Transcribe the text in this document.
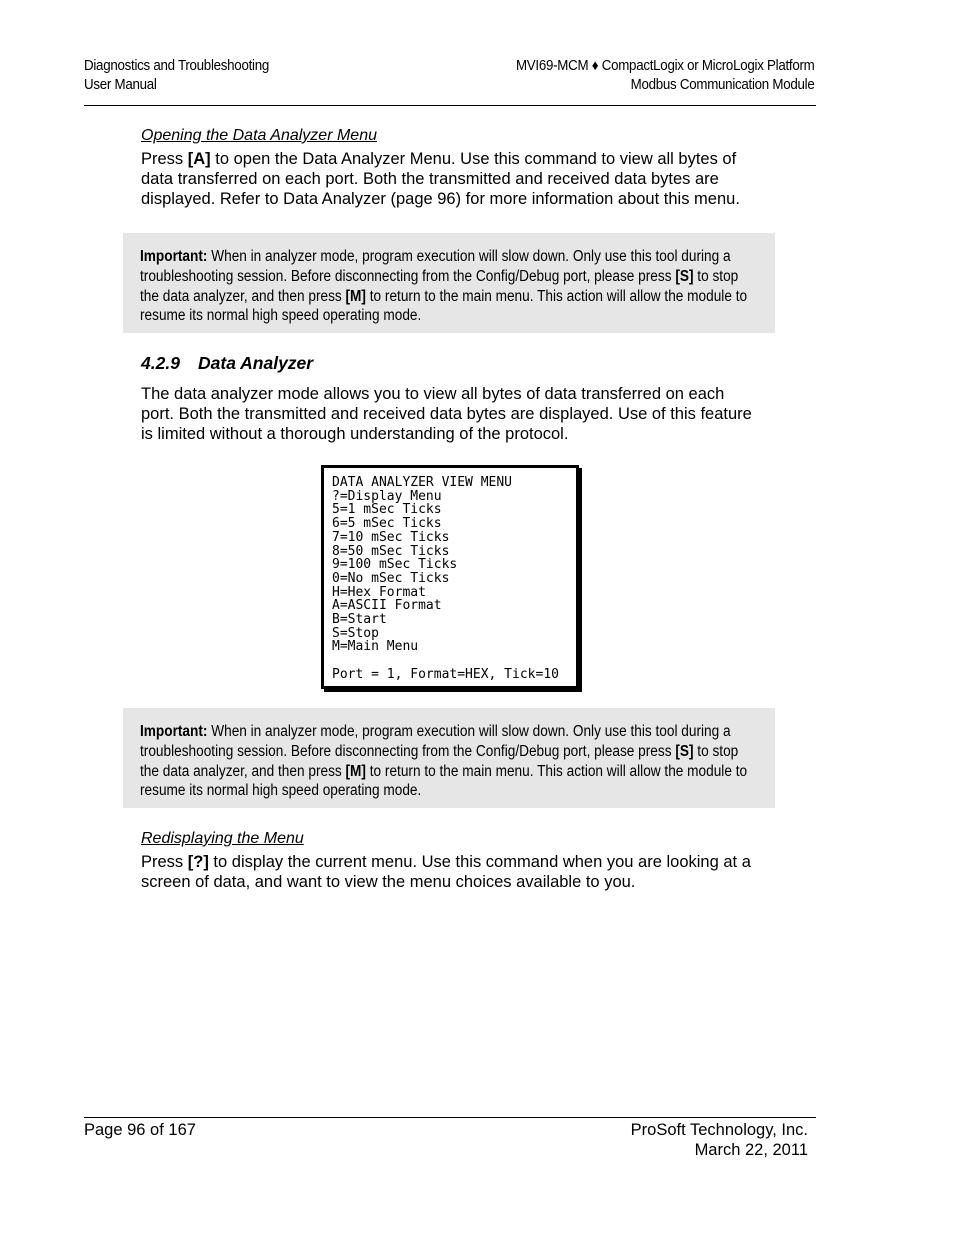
Diagnostics and Troubleshooting
User Manual
MVI69-MCM ♦ CompactLogix or MicroLogix Platform
Modbus Communication Module
Opening the Data Analyzer Menu
Press [A] to open the Data Analyzer Menu. Use this command to view all bytes of data transferred on each port. Both the transmitted and received data bytes are displayed. Refer to Data Analyzer (page 96) for more information about this menu.
Important: When in analyzer mode, program execution will slow down. Only use this tool during a troubleshooting session. Before disconnecting from the Config/Debug port, please press [S] to stop the data analyzer, and then press [M] to return to the main menu. This action will allow the module to resume its normal high speed operating mode.
4.2.9 Data Analyzer
The data analyzer mode allows you to view all bytes of data transferred on each port. Both the transmitted and received data bytes are displayed. Use of this feature is limited without a thorough understanding of the protocol.
DATA ANALYZER VIEW MENU
?=Display Menu
5=1 mSec Ticks
6=5 mSec Ticks
7=10 mSec Ticks
8=50 mSec Ticks
9=100 mSec Ticks
0=No mSec Ticks
H=Hex Format
A=ASCII Format
B=Start
S=Stop
M=Main Menu
Port = 1, Format=HEX, Tick=10
Important: When in analyzer mode, program execution will slow down. Only use this tool during a troubleshooting session. Before disconnecting from the Config/Debug port, please press [S] to stop the data analyzer, and then press [M] to return to the main menu. This action will allow the module to resume its normal high speed operating mode.
Redisplaying the Menu
Press [?] to display the current menu. Use this command when you are looking at a screen of data, and want to view the menu choices available to you.
Page 96 of 167	ProSoft Technology, Inc.
March 22, 2011
